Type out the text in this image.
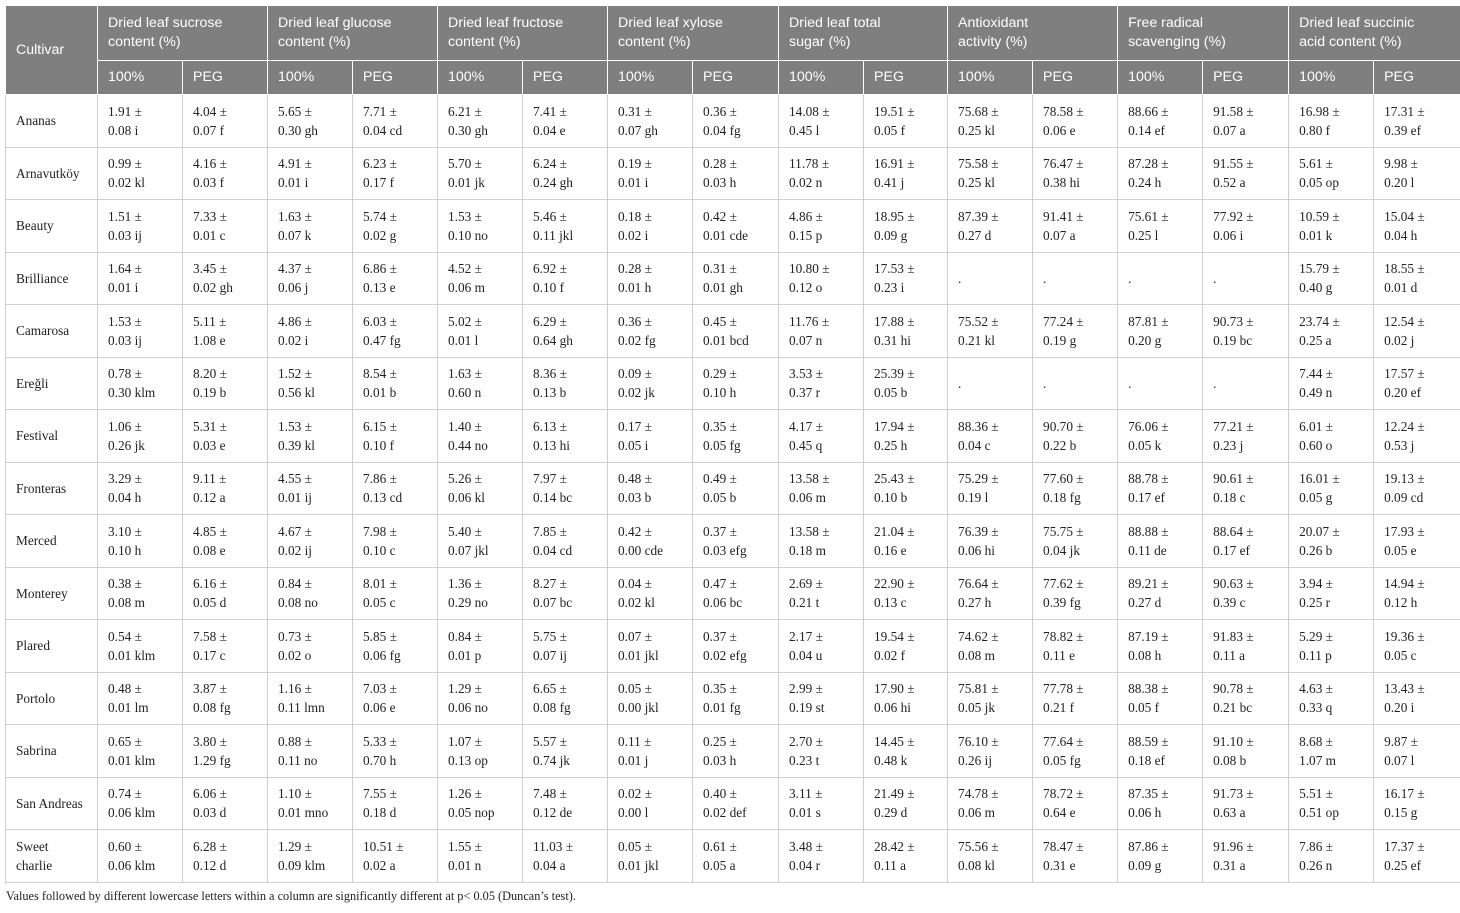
Cultivar	Dried leaf sucrose
content (%)		Dried leaf glucose
content (%)		Dried leaf fructose
content (%)		Dried leaf xylose
content (%)		Dried leaf total
sugar (%)		Antioxidant
activity (%)		Free radical
scavenging (%)		Dried leaf succinic
acid content (%)	

	100%	PEG	100%	PEG	100%	PEG	100%	PEG	100%	PEG	100%	PEG	100%	PEG	100%	PEG
Ananas	1.91 ±
0.08 i	4.04 ±
0.07 f	5.65 ±
0.30 gh	7.71 ±
0.04 cd	6.21 ±
0.30 gh	7.41 ±
0.04 e	0.31 ±
0.07 gh	0.36 ±
0.04 fg	14.08 ±
0.45 l	19.51 ±
0.05 f	75.68 ±
0.25 kl	78.58 ±
0.06 e	88.66 ±
0.14 ef	91.58 ±
0.07 a	16.98 ±
0.80 f	17.31 ±
0.39 ef

Arnavutköy	0.99 ±
0.02 kl	4.16 ±
0.03 f	4.91 ±
0.01 i	6.23 ±
0.17 f	5.70 ±
0.01 jk	6.24 ±
0.24 gh	0.19 ±
0.01 i	0.28 ±
0.03 h	11.78 ±
0.02 n	16.91 ±
0.41 j	75.58 ±
0.25 kl	76.47 ±
0.38 hi	87.28 ±
0.24 h	91.55 ±
0.52 a	5.61 ±
0.05 op	9.98 ±
0.20 l

Beauty	1.51 ±
0.03 ij	7.33 ±
0.01 c	1.63 ±
0.07 k	5.74 ±
0.02 g	1.53 ±
0.10 no	5.46 ±
0.11 jkl	0.18 ±
0.02 i	0.42 ±
0.01 cde	4.86 ±
0.15 p	18.95 ±
0.09 g	87.39 ±
0.27 d	91.41 ±
0.07 a	75.61 ±
0.25 l	77.92 ±
0.06 i	10.59 ±
0.01 k	15.04 ±
0.04 h

Brilliance	1.64 ±
0.01 i	3.45 ±
0.02 gh	4.37 ±
0.06 j	6.86 ±
0.13 e	4.52 ±
0.06 m	6.92 ±
0.10 f	0.28 ±
0.01 h	0.31 ±
0.01 gh	10.80 ±
0.12 o	17.53 ±
0.23 i	.	.	.	.	15.79 ±
0.40 g	18.55 ±
0.01 d

Camarosa	1.53 ±
0.03 ij	5.11 ±
1.08 e	4.86 ±
0.02 i	6.03 ±
0.47 fg	5.02 ±
0.01 l	6.29 ±
0.64 gh	0.36 ±
0.02 fg	0.45 ±
0.01 bcd	11.76 ±
0.07 n	17.88 ±
0.31 hi	75.52 ±
0.21 kl	77.24 ±
0.19 g	87.81 ±
0.20 g	90.73 ±
0.19 bc	23.74 ±
0.25 a	12.54 ±
0.02 j

Ereğli	0.78 ±
0.30 klm	8.20 ±
0.19 b	1.52 ±
0.56 kl	8.54 ±
0.01 b	1.63 ±
0.60 n	8.36 ±
0.13 b	0.09 ±
0.02 jk	0.29 ±
0.10 h	3.53 ±
0.37 r	25.39 ±
0.05 b	.	.	.	.	7.44 ±
0.49 n	17.57 ±
0.20 ef

Festival	1.06 ±
0.26 jk	5.31 ±
0.03 e	1.53 ±
0.39 kl	6.15 ±
0.10 f	1.40 ±
0.44 no	6.13 ±
0.13 hi	0.17 ±
0.05 i	0.35 ±
0.05 fg	4.17 ±
0.45 q	17.94 ±
0.25 h	88.36 ±
0.04 c	90.70 ±
0.22 b	76.06 ±
0.05 k	77.21 ±
0.23 j	6.01 ±
0.60 o	12.24 ±
0.53 j

Fronteras	3.29 ±
0.04 h	9.11 ±
0.12 a	4.55 ±
0.01 ij	7.86 ±
0.13 cd	5.26 ±
0.06 kl	7.97 ±
0.14 bc	0.48 ±
0.03 b	0.49 ±
0.05 b	13.58 ±
0.06 m	25.43 ±
0.10 b	75.29 ±
0.19 l	77.60 ±
0.18 fg	88.78 ±
0.17 ef	90.61 ±
0.18 c	16.01 ±
0.05 g	19.13 ±
0.09 cd

Merced	3.10 ±
0.10 h	4.85 ±
0.08 e	4.67 ±
0.02 ij	7.98 ±
0.10 c	5.40 ±
0.07 jkl	7.85 ±
0.04 cd	0.42 ±
0.00 cde	0.37 ±
0.03 efg	13.58 ±
0.18 m	21.04 ±
0.16 e	76.39 ±
0.06 hi	75.75 ±
0.04 jk	88.88 ±
0.11 de	88.64 ±
0.17 ef	20.07 ±
0.26 b	17.93 ±
0.05 e

Monterey	0.38 ±
0.08 m	6.16 ±
0.05 d	0.84 ±
0.08 no	8.01 ±
0.05 c	1.36 ±
0.29 no	8.27 ±
0.07 bc	0.04 ±
0.02 kl	0.47 ±
0.06 bc	2.69 ±
0.21 t	22.90 ±
0.13 c	76.64 ±
0.27 h	77.62 ±
0.39 fg	89.21 ±
0.27 d	90.63 ±
0.39 c	3.94 ±
0.25 r	14.94 ±
0.12 h

Plared	0.54 ±
0.01 klm	7.58 ±
0.17 c	0.73 ±
0.02 o	5.85 ±
0.06 fg	0.84 ±
0.01 p	5.75 ±
0.07 ij	0.07 ±
0.01 jkl	0.37 ±
0.02 efg	2.17 ±
0.04 u	19.54 ±
0.02 f	74.62 ±
0.08 m	78.82 ±
0.11 e	87.19 ±
0.08 h	91.83 ±
0.11 a	5.29 ±
0.11 p	19.36 ±
0.05 c

Portolo	0.48 ±
0.01 lm	3.87 ±
0.08 fg	1.16 ±
0.11 lmn	7.03 ±
0.06 e	1.29 ±
0.06 no	6.65 ±
0.08 fg	0.05 ±
0.00 jkl	0.35 ±
0.01 fg	2.99 ±
0.19 st	17.90 ±
0.06 hi	75.81 ±
0.05 jk	77.78 ±
0.21 f	88.38 ±
0.05 f	90.78 ±
0.21 bc	4.63 ±
0.33 q	13.43 ±
0.20 i

Sabrina	0.65 ±
0.01 klm	3.80 ±
1.29 fg	0.88 ±
0.11 no	5.33 ±
0.70 h	1.07 ±
0.13 op	5.57 ±
0.74 jk	0.11 ±
0.01 j	0.25 ±
0.03 h	2.70 ±
0.23 t	14.45 ±
0.48 k	76.10 ±
0.26 ij	77.64 ±
0.05 fg	88.59 ±
0.18 ef	91.10 ±
0.08 b	8.68 ±
1.07 m	9.87 ±
0.07 l

San Andreas	0.74 ±
0.06 klm	6.06 ±
0.03 d	1.10 ±
0.01 mno	7.55 ±
0.18 d	1.26 ±
0.05 nop	7.48 ±
0.12 de	0.02 ±
0.00 l	0.40 ±
0.02 def	3.11 ±
0.01 s	21.49 ±
0.29 d	74.78 ±
0.06 m	78.72 ±
0.64 e	87.35 ±
0.06 h	91.73 ±
0.63 a	5.51 ±
0.51 op	16.17 ±
0.15 g

Sweet charlie	0.60 ±
0.06 klm	6.28 ±
0.12 d	1.29 ±
0.09 klm	10.51 ±
0.02 a	1.55 ±
0.01 n	11.03 ±
0.04 a	0.05 ±
0.01 jkl	0.61 ±
0.05 a	3.48 ±
0.04 r	28.42 ±
0.11 a	75.56 ±
0.08 kl	78.47 ±
0.31 e	87.86 ±
0.09 g	91.96 ±
0.31 a	7.86 ±
0.26 n	17.37 ±
0.25 ef
Values followed by different lowercase letters within a column are significantly different at p< 0.05 (Duncan’s test).
